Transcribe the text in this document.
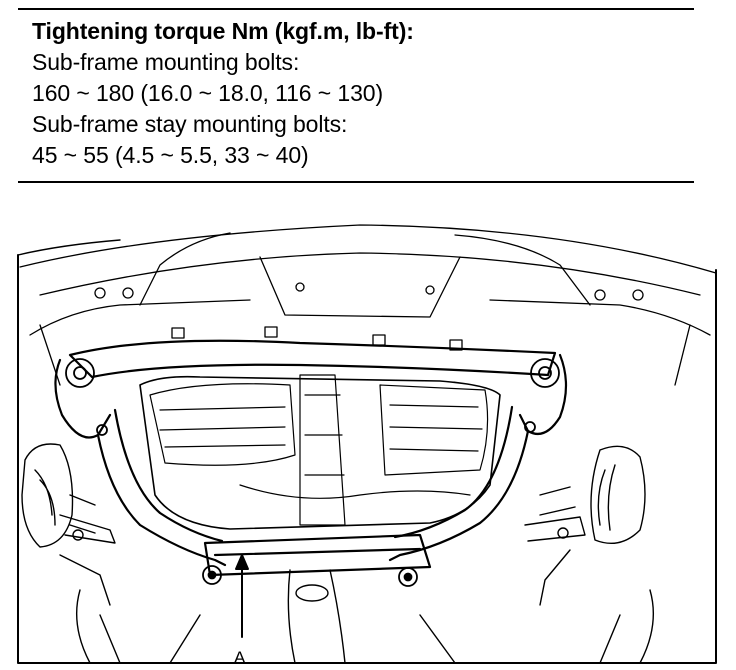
Tightening torque Nm (kgf.m, lb-ft):
Sub-frame mounting bolts:
160 ~ 180 (16.0 ~ 18.0, 116 ~ 130)
Sub-frame stay mounting bolts:
45 ~ 55 (4.5 ~ 5.5, 33 ~ 40)
A
